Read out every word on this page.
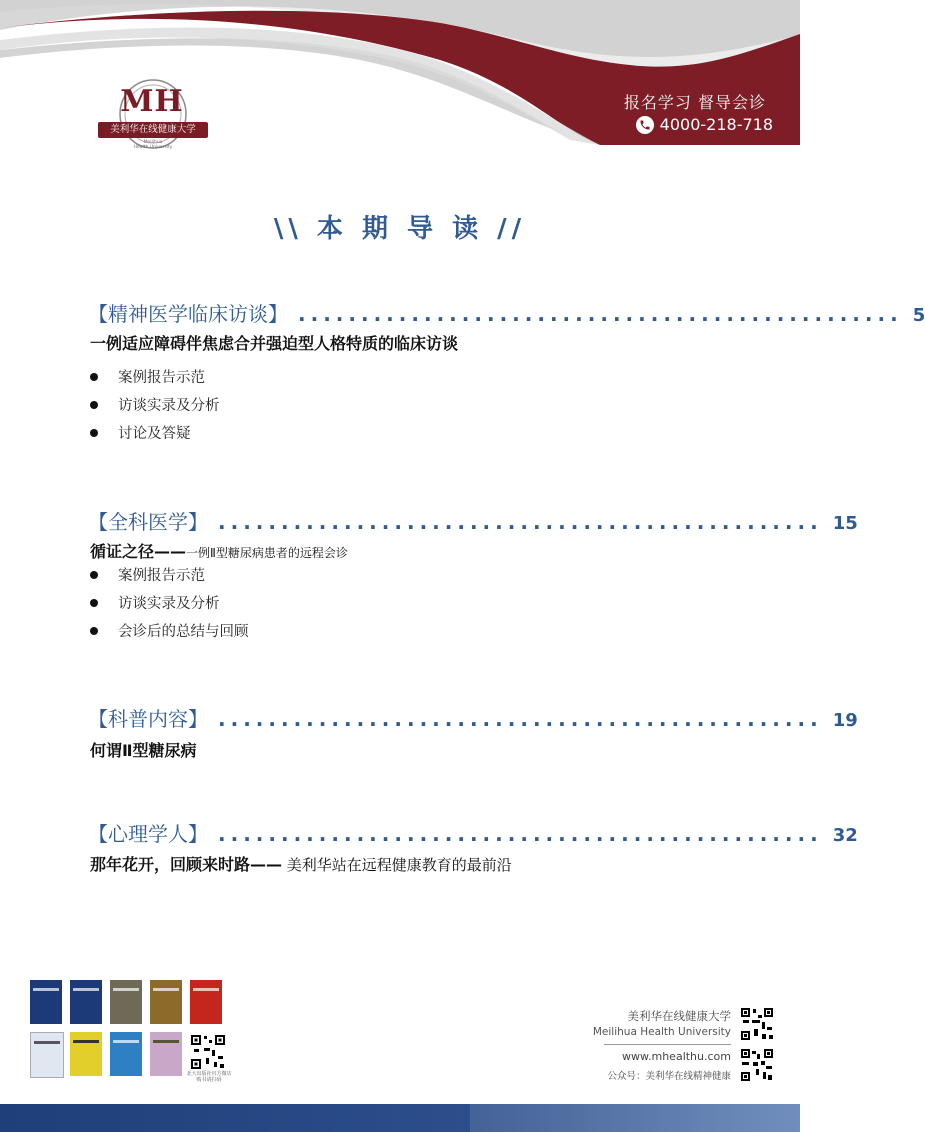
MH
美利华在线健康大学
Meilihua
Health University
报名学习 督导会诊
4000-218-718
\\ 本 期 导 读 //
【精神医学临床访谈】 ................................................ 5
一例适应障碍伴焦虑合并强迫型人格特质的临床访谈
案例报告示范
访谈实录及分析
讨论及答疑
【全科医学】 ................................................ 15
循证之径——一例Ⅱ型糖尿病患者的远程会诊
案例报告示范
访谈实录及分析
会诊后的总结与回顾
【科普内容】 ................................................ 19
何谓Ⅱ型糖尿病
【心理学人】 ................................................ 32
那年花开，回顾来时路—— 美利华站在远程健康教育的最前沿
北大出版社官方微店
购书请扫码
美利华在线健康大学
Meilihua Health University
www.mhealthu.com
公众号：美利华在线精神健康
